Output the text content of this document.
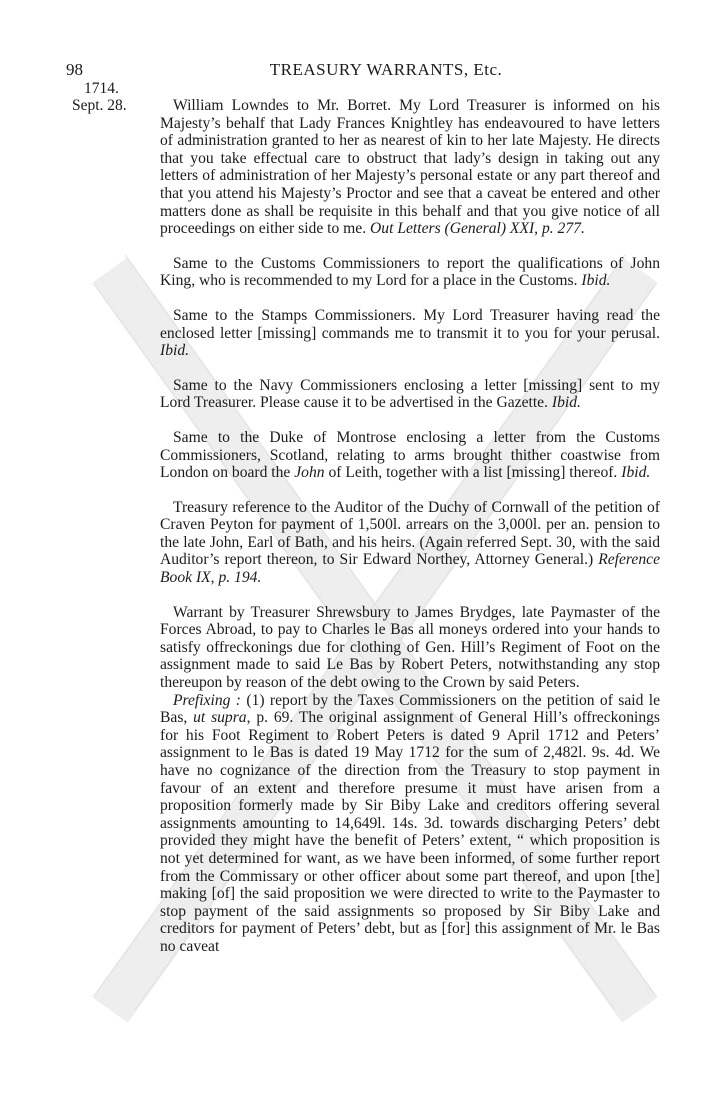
98	TREASURY WARRANTS, Etc.
1714.
Sept. 28.	William Lowndes to Mr. Borret. My Lord Treasurer is informed on his Majesty’s behalf that Lady Frances Knightley has endeavoured to have letters of administration granted to her as nearest of kin to her late Majesty. He directs that you take effectual care to obstruct that lady’s design in taking out any letters of administration of her Majesty’s personal estate or any part thereof and that you attend his Majesty’s Proctor and see that a caveat be entered and other matters done as shall be requisite in this behalf and that you give notice of all proceedings on either side to me. Out Letters (General) XXI, p. 277.

Same to the Customs Commissioners to report the qualifications of John King, who is recommended to my Lord for a place in the Customs. Ibid.

Same to the Stamps Commissioners. My Lord Treasurer having read the enclosed letter [missing] commands me to transmit it to you for your perusal. Ibid.

Same to the Navy Commissioners enclosing a letter [missing] sent to my Lord Treasurer. Please cause it to be advertised in the Gazette. Ibid.

Same to the Duke of Montrose enclosing a letter from the Customs Commissioners, Scotland, relating to arms brought thither coastwise from London on board the John of Leith, together with a list [missing] thereof. Ibid.

Treasury reference to the Auditor of the Duchy of Cornwall of the petition of Craven Peyton for payment of 1,500l. arrears on the 3,000l. per an. pension to the late John, Earl of Bath, and his heirs. (Again referred Sept. 30, with the said Auditor’s report thereon, to Sir Edward Northey, Attorney General.) Reference Book IX, p. 194.

Warrant by Treasurer Shrewsbury to James Brydges, late Paymaster of the Forces Abroad, to pay to Charles le Bas all moneys ordered into your hands to satisfy offreckonings due for clothing of Gen. Hill’s Regiment of Foot on the assignment made to said Le Bas by Robert Peters, notwithstanding any stop thereupon by reason of the debt owing to the Crown by said Peters.

Prefixing : (1) report by the Taxes Commissioners on the petition of said le Bas, ut supra, p. 69. The original assignment of General Hill’s offreckonings for his Foot Regiment to Robert Peters is dated 9 April 1712 and Peters’ assignment to le Bas is dated 19 May 1712 for the sum of 2,482l. 9s. 4d. We have no cognizance of the direction from the Treasury to stop payment in favour of an extent and therefore presume it must have arisen from a proposition formerly made by Sir Biby Lake and creditors offering several assignments amounting to 14,649l. 14s. 3d. towards discharging Peters’ debt provided they might have the benefit of Peters’ extent, “ which proposition is not yet determined for want, as we have been informed, of some further report from the Commissary or other officer about some part thereof, and upon [the] making [of] the said proposition we were directed to write to the Paymaster to stop payment of the said assignments so proposed by Sir Biby Lake and creditors for payment of Peters’ debt, but as [for] this assignment of Mr. le Bas no caveat
